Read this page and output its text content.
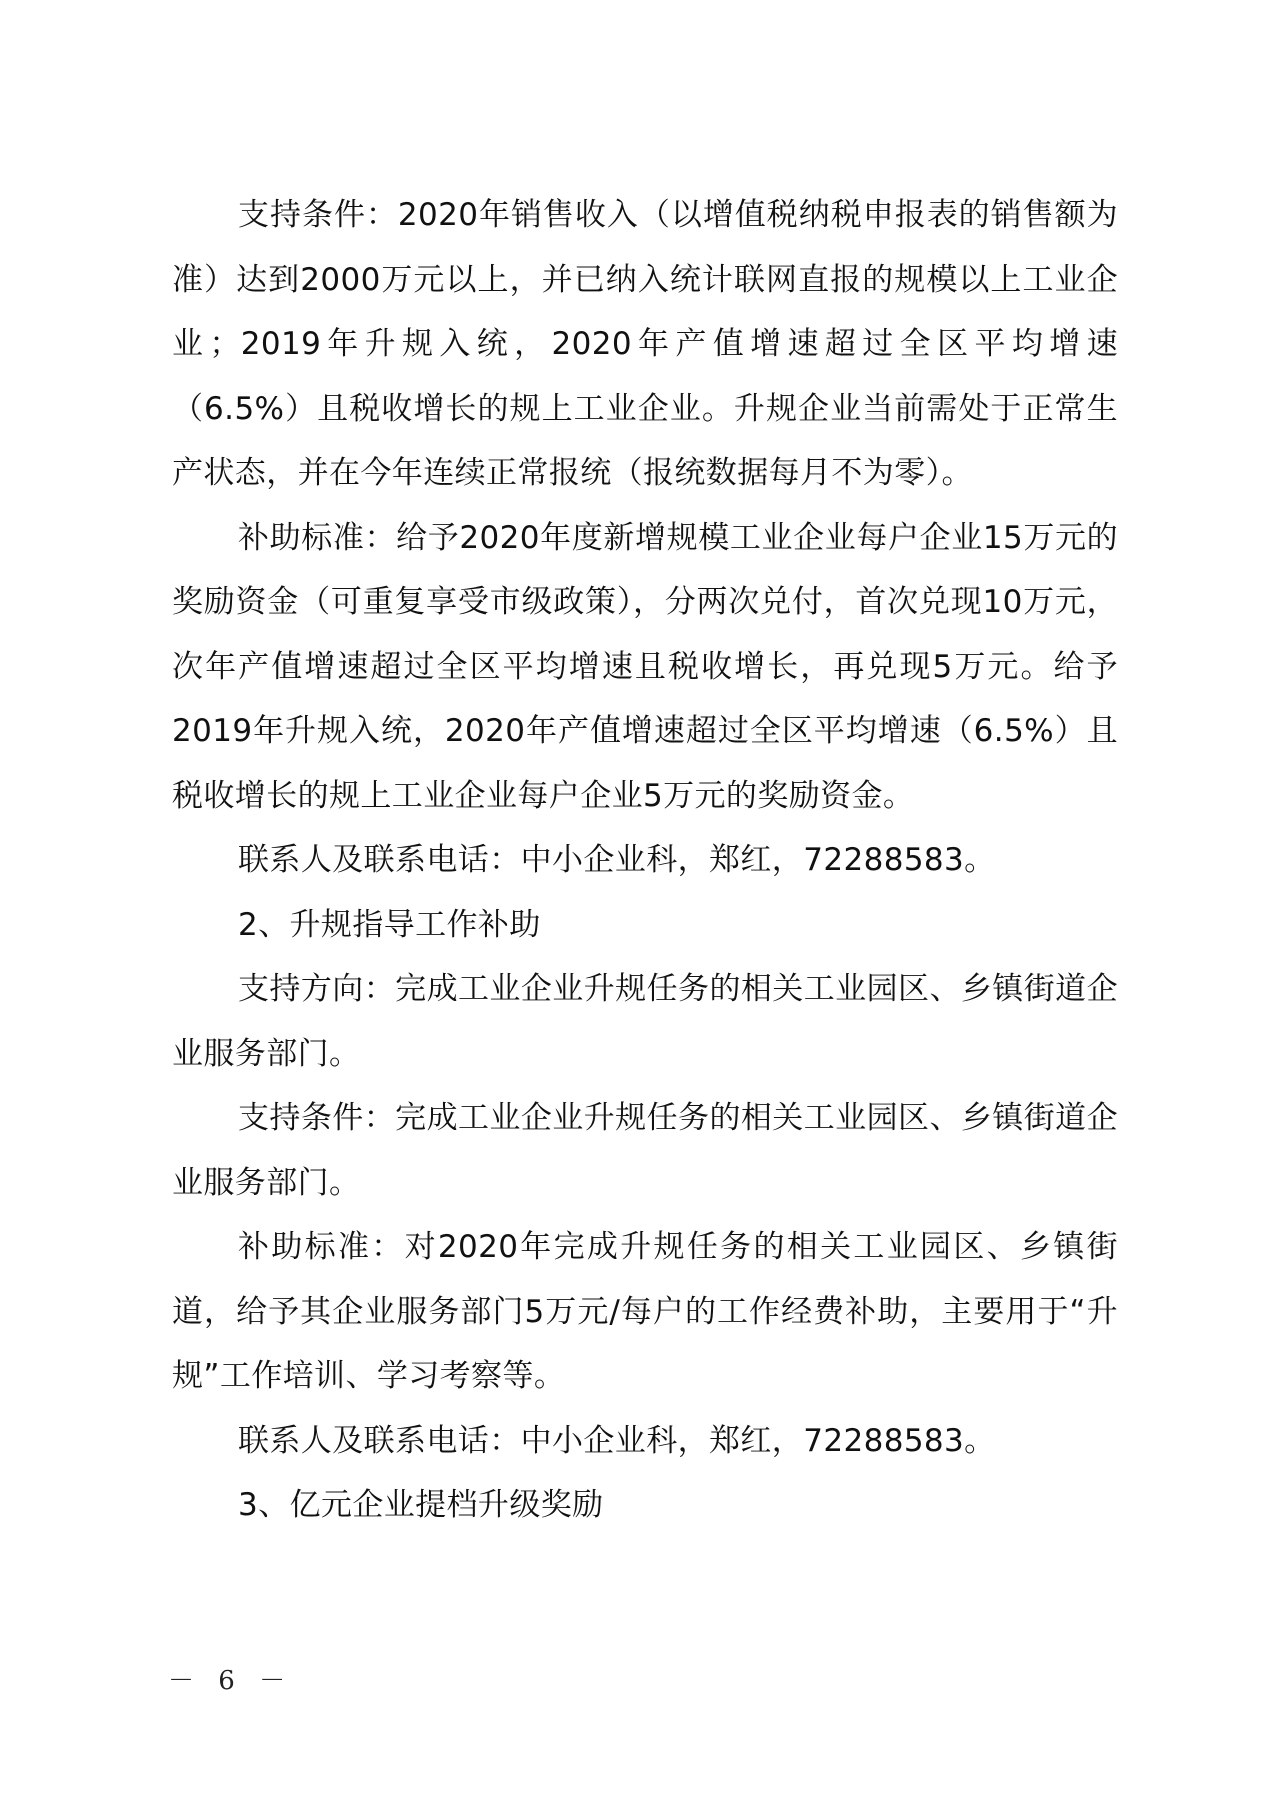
支持条件：2020年销售收入（以增值税纳税申报表的销售额为准）达到2000万元以上，并已纳入统计联网直报的规模以上工业企业；2019年升规入统，2020年产值增速超过全区平均增速（6.5%）且税收增长的规上工业企业。升规企业当前需处于正常生产状态，并在今年连续正常报统（报统数据每月不为零）。

补助标准：给予2020年度新增规模工业企业每户企业15万元的奖励资金（可重复享受市级政策），分两次兑付，首次兑现10万元，次年产值增速超过全区平均增速且税收增长，再兑现5万元。给予2019年升规入统，2020年产值增速超过全区平均增速（6.5%）且税收增长的规上工业企业每户企业5万元的奖励资金。

联系人及联系电话：中小企业科，郑红，72288583。

2、升规指导工作补助

支持方向：完成工业企业升规任务的相关工业园区、乡镇街道企业服务部门。

支持条件：完成工业企业升规任务的相关工业园区、乡镇街道企业服务部门。

补助标准：对2020年完成升规任务的相关工业园区、乡镇街道，给予其企业服务部门5万元/每户的工作经费补助，主要用于“升规”工作培训、学习考察等。

联系人及联系电话：中小企业科，郑红，72288583。

3、亿元企业提档升级奖励

－ 6 －
